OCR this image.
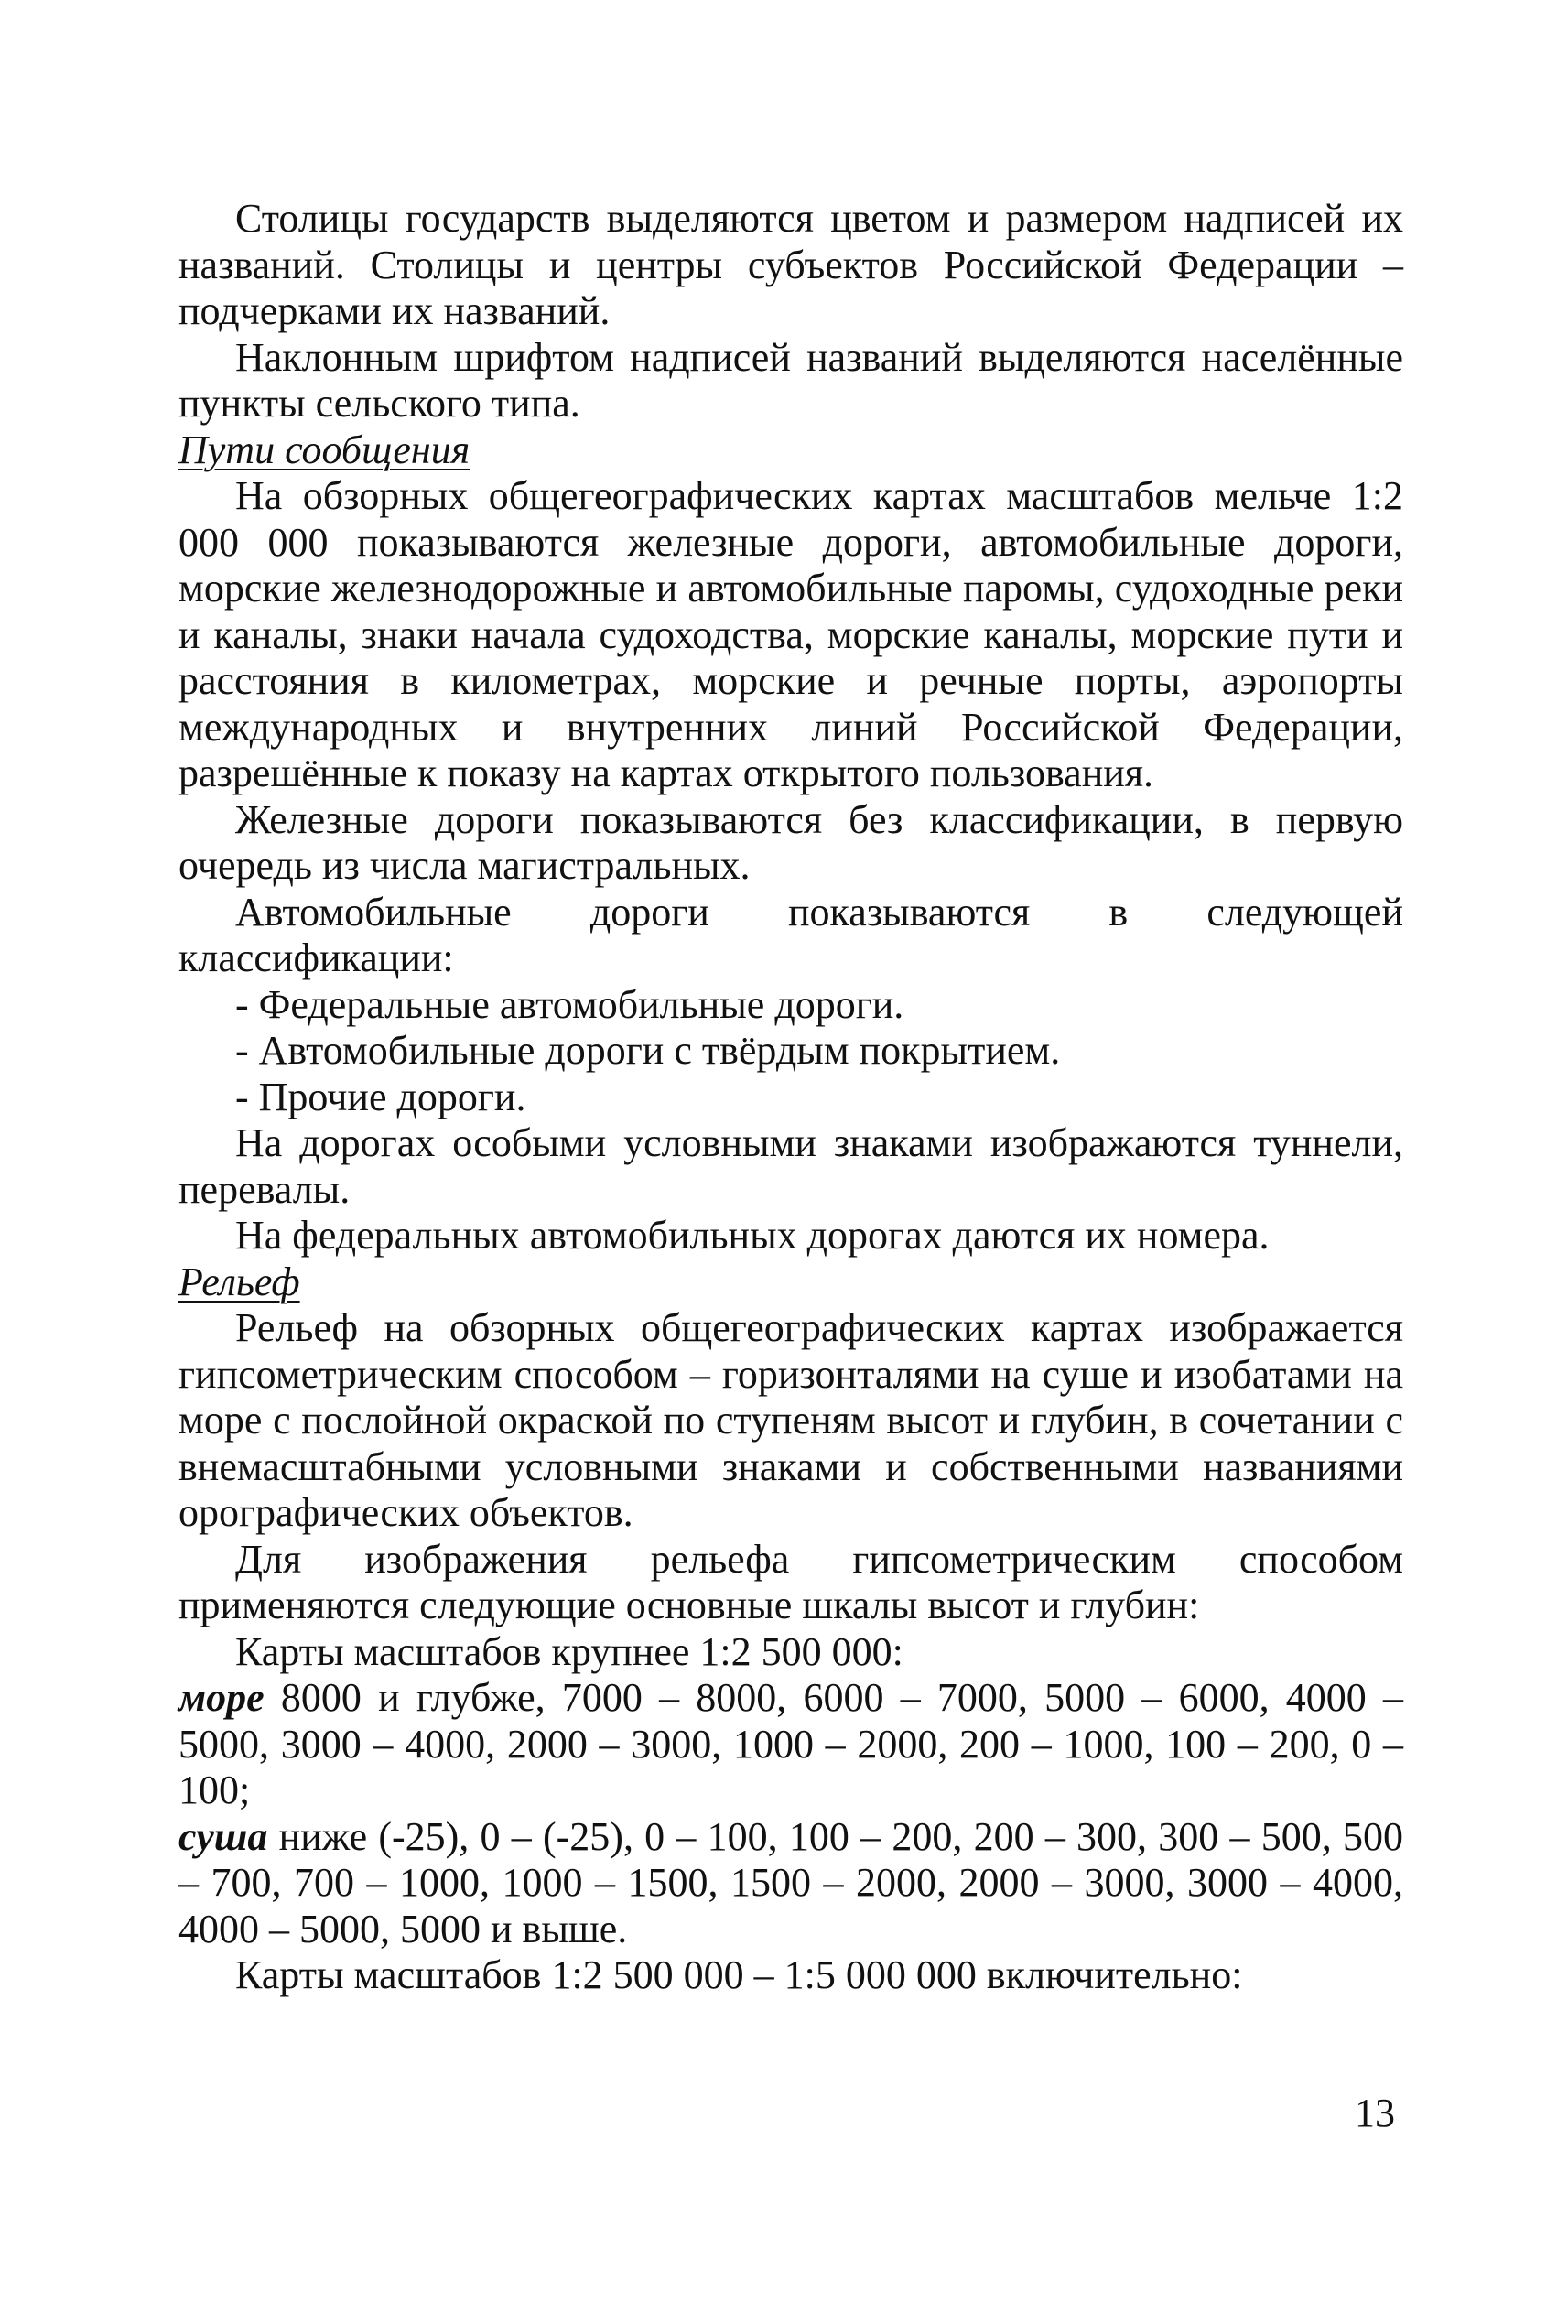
Столицы государств выделяются цветом и размером надписей их названий. Столицы и центры субъектов Российской Федерации – подчерками их названий.

Наклонным шрифтом надписей названий выделяются населённые пункты сельского типа.

Пути сообщения

На обзорных общегеографических картах масштабов мельче 1:2 000 000 показываются железные дороги, автомобильные дороги, морские железнодорожные и автомобильные паромы, судоходные реки и каналы, знаки начала судоходства, морские каналы, морские пути и расстояния в километрах, морские и речные порты, аэропорты международных и внутренних линий Российской Федерации, разрешённые к показу на картах открытого пользования.

Железные дороги показываются без классификации, в первую очередь из числа магистральных.

Автомобильные дороги показываются в следующей классификации:

- Федеральные автомобильные дороги.

- Автомобильные дороги с твёрдым покрытием.

- Прочие дороги.

На дорогах особыми условными знаками изображаются туннели, перевалы.

На федеральных автомобильных дорогах даются их номера.

Рельеф

Рельеф на обзорных общегеографических картах изображается гипсометрическим способом – горизонталями на суше и изобатами на море с послойной окраской по ступеням высот и глубин, в сочетании с внемасштабными условными знаками и собственными названиями орографических объектов.

Для изображения рельефа гипсометрическим способом применяются следующие основные шкалы высот и глубин:

Карты масштабов крупнее 1:2 500 000:

море 8000 и глубже, 7000 – 8000, 6000 – 7000, 5000 – 6000, 4000 – 5000, 3000 – 4000, 2000 – 3000, 1000 – 2000, 200 – 1000, 100 – 200, 0 – 100;

суша ниже (-25), 0 – (-25), 0 – 100, 100 – 200, 200 – 300, 300 – 500, 500 – 700, 700 – 1000, 1000 – 1500, 1500 – 2000, 2000 – 3000, 3000 – 4000, 4000 – 5000, 5000 и выше.

Карты масштабов 1:2 500 000 – 1:5 000 000 включительно:

13
